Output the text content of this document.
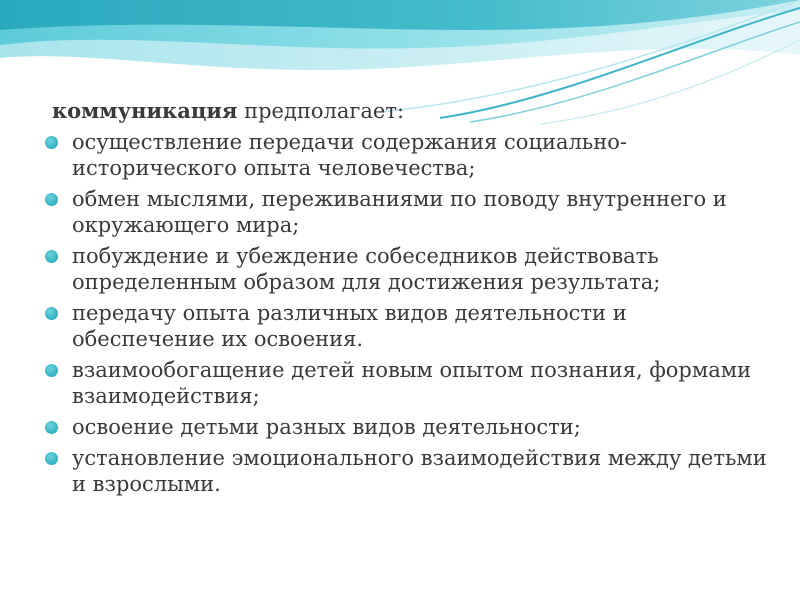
коммуникация предполагает:
осуществление передачи содержания социально-исторического опыта человечества;
обмен мыслями, переживаниями по поводу внутреннего и окружающего мира;
побуждение и убеждение собеседников действовать определенным образом для достижения результата;
передачу опыта различных видов деятельности и обеспечение их освоения.
взаимообогащение детей новым опытом познания, формами взаимодействия;
освоение детьми разных видов деятельности;
установление эмоционального взаимодействия между детьми и взрослыми.
